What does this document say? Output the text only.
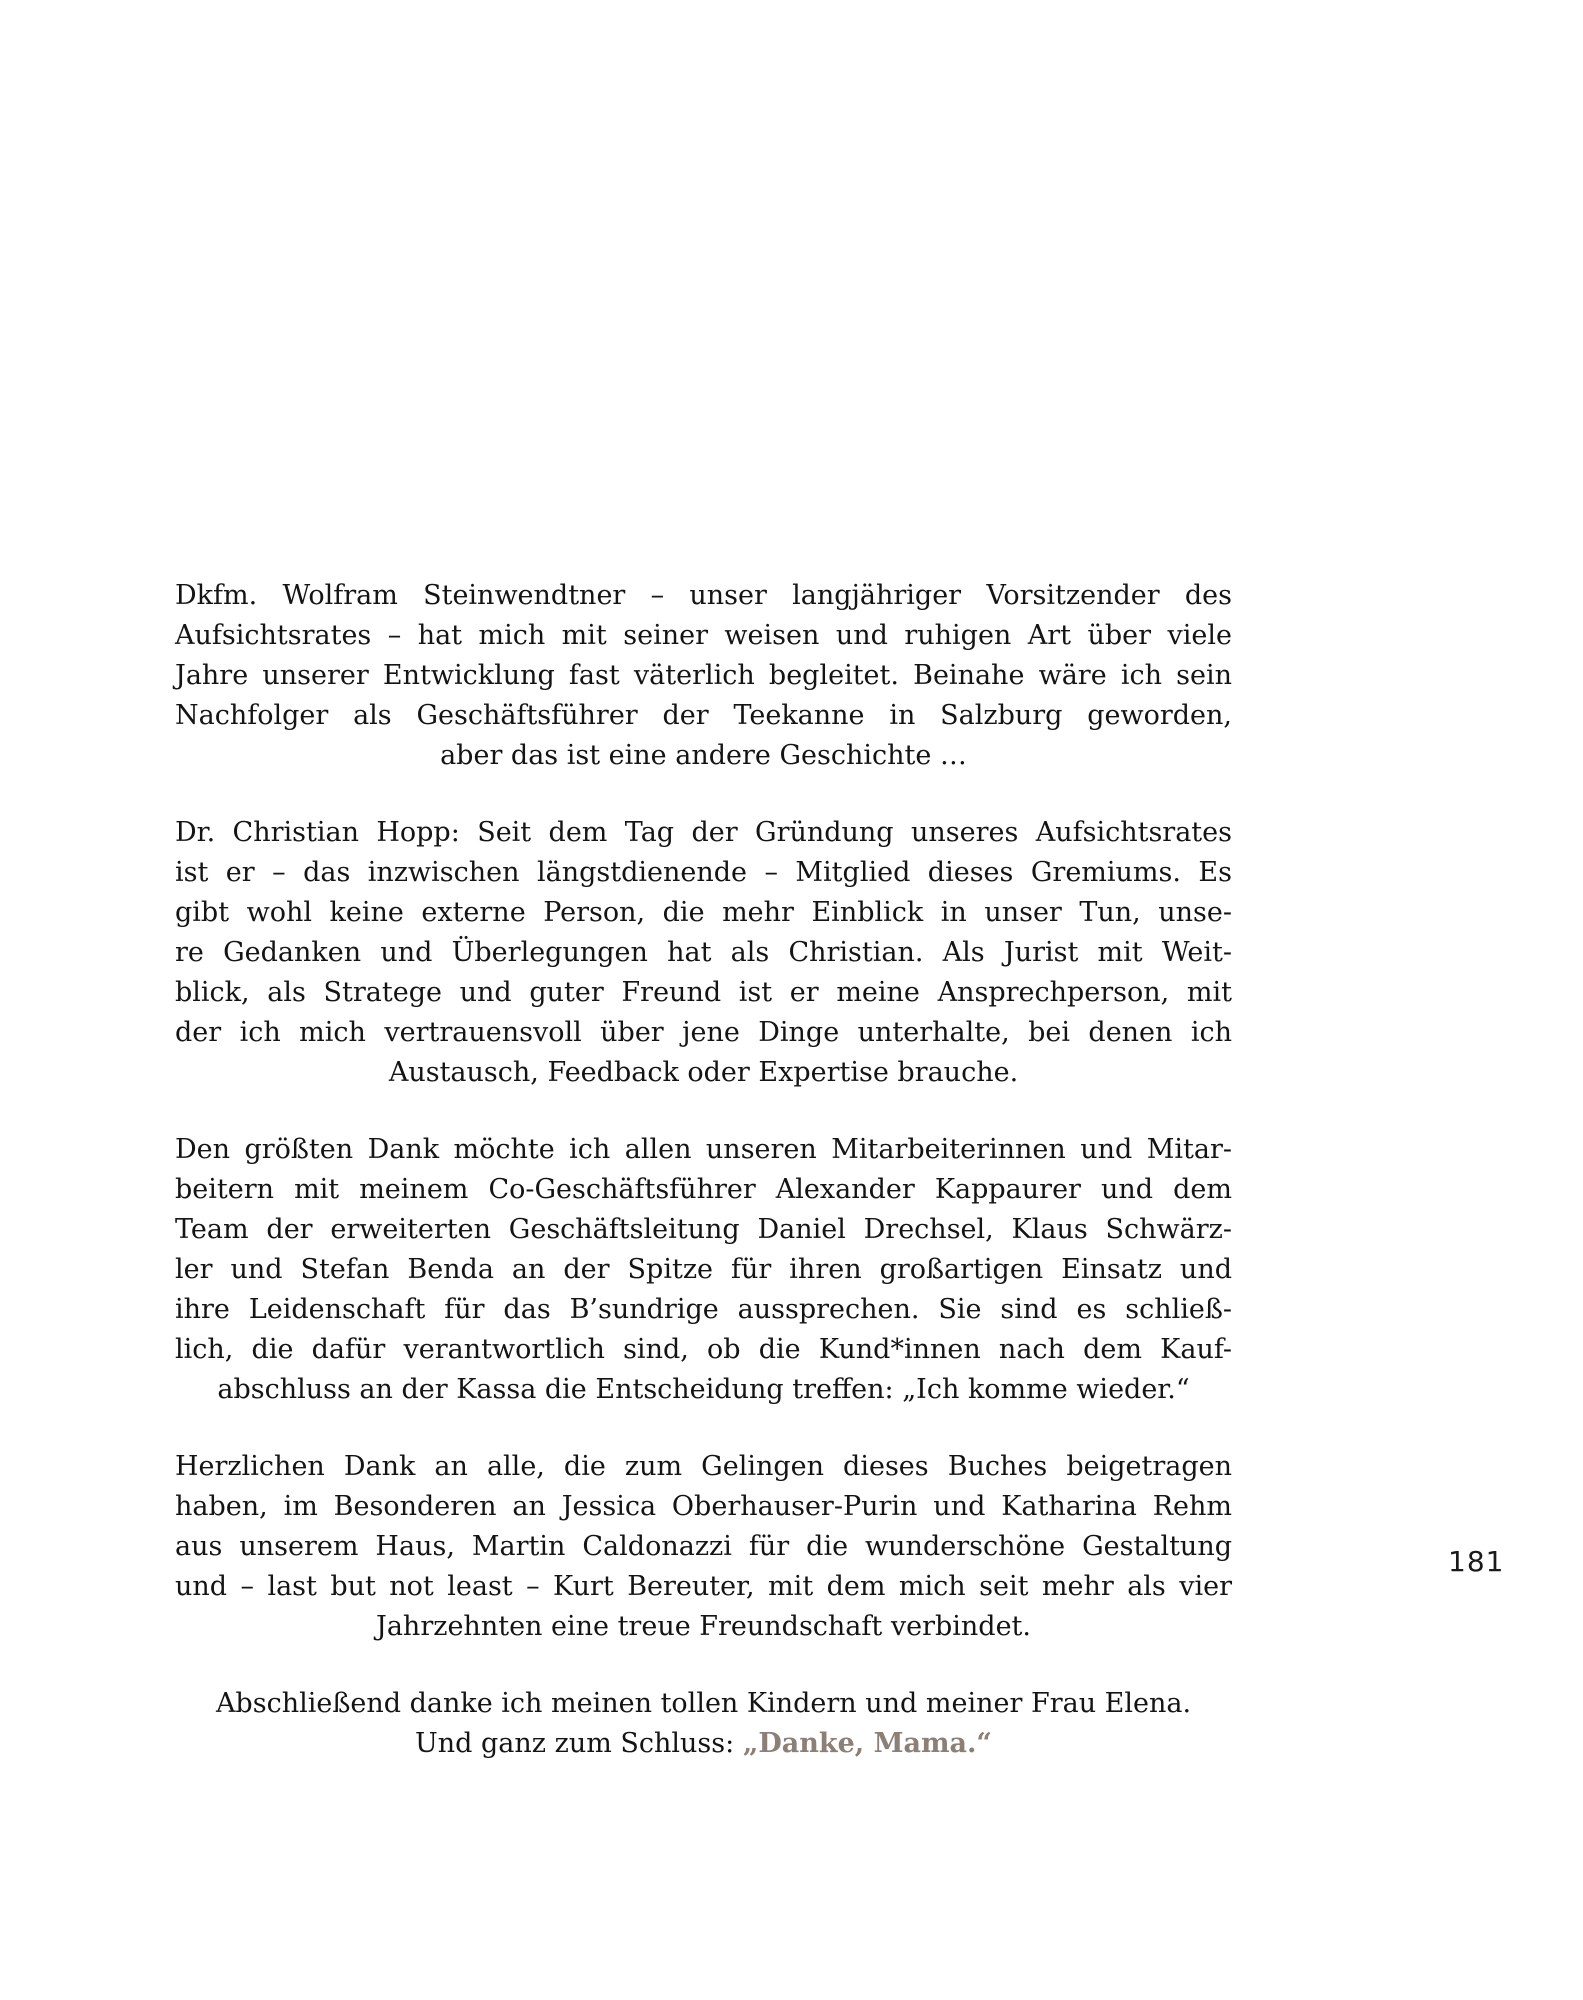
Dkfm. Wolfram Steinwendtner – unser langjähriger Vorsitzender des
Aufsichtsrates – hat mich mit seiner weisen und ruhigen Art über viele
Jahre unserer Entwicklung fast väterlich begleitet. Beinahe wäre ich sein
Nachfolger als Geschäftsführer der Teekanne in Salzburg geworden,
aber das ist eine andere Geschichte …
Dr. Christian Hopp: Seit dem Tag der Gründung unseres Aufsichtsrates
ist er – das inzwischen längstdienende – Mitglied dieses Gremiums. Es
gibt wohl keine externe Person, die mehr Einblick in unser Tun, unse-
re Gedanken und Überlegungen hat als Christian. Als Jurist mit Weit-
blick, als Stratege und guter Freund ist er meine Ansprechperson, mit
der ich mich vertrauensvoll über jene Dinge unterhalte, bei denen ich
Austausch, Feedback oder Expertise brauche.
Den größten Dank möchte ich allen unseren Mitarbeiterinnen und Mitar-
beitern mit meinem Co-Geschäftsführer Alexander Kappaurer und dem
Team der erweiterten Geschäftsleitung Daniel Drechsel, Klaus Schwärz-
ler und Stefan Benda an der Spitze für ihren großartigen Einsatz und
ihre Leidenschaft für das B’sundrige aussprechen. Sie sind es schließ-
lich, die dafür verantwortlich sind, ob die Kund*innen nach dem Kauf-
abschluss an der Kassa die Entscheidung treffen: „Ich komme wieder.“
Herzlichen Dank an alle, die zum Gelingen dieses Buches beigetragen
haben, im Besonderen an Jessica Oberhauser-Purin und Katharina Rehm
aus unserem Haus, Martin Caldonazzi für die wunderschöne Gestaltung
und – last but not least – Kurt Bereuter, mit dem mich seit mehr als vier
Jahrzehnten eine treue Freundschaft verbindet.
Abschließend danke ich meinen tollen Kindern und meiner Frau Elena.
Und ganz zum Schluss: „Danke, Mama.“
181
